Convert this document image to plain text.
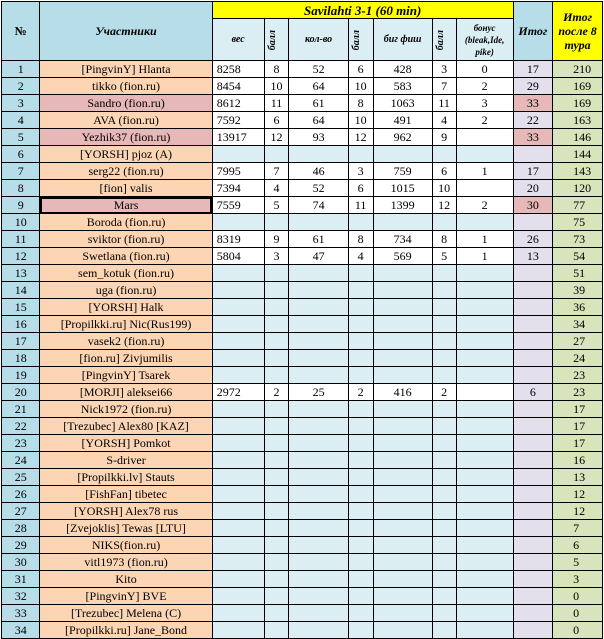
№	Участники	Savilahti 3-1 (60 min)							Итог	Итог после 8 тура
		вес	балл	кол-во	балл	биг фиш	балл	бонус (bleak,Ide, pike)		
1	[PingvinY] Hlanta	8258	8	52	6	428	3	0	17	210
2	tikko (fion.ru)	8454	10	64	10	583	7	2	29	169
3	Sandro (fion.ru)	8612	11	61	8	1063	11	3	33	169
4	AVA (fion.ru)	7592	6	64	10	491	4	2	22	163
5	Yezhik37 (fion.ru)	13917	12	93	12	962	9		33	146
6	[YORSH] pjoz (A)									144
7	serg22 (fion.ru)	7995	7	46	3	759	6	1	17	143
8	[fion] valis	7394	4	52	6	1015	10		20	120
9	Mars	7559	5	74	11	1399	12	2	30	77
10	Boroda (fion.ru)									75
11	sviktor (fion.ru)	8319	9	61	8	734	8	1	26	73
12	Swetlana (fion.ru)	5804	3	47	4	569	5	1	13	54
13	sem_kotuk (fion.ru)									51
14	uga (fion.ru)									39
15	[YORSH] Halk									36
16	[Propilkki.ru] Nic(Rus199)									34
17	vasek2 (fion.ru)									27
18	[fion.ru] Zivjumilis									24
19	[PingvinY] Tsarek									23
20	[MORJI] aleksei66	2972	2	25	2	416	2		6	23
21	Nick1972 (fion.ru)									17
22	[Trezubec] Alex80 [KAZ]									17
23	[YORSH] Pomkot									17
24	S-driver									16
25	[Propilkki.lv] Stauts									13
26	[FishFan] tibetec									12
27	[YORSH] Alex78 rus									12
28	[Zvejoklis] Tewas [LTU]									7
29	NIKS(fion.ru)									6
30	vitl1973 (fion.ru)									5
31	Kito									3
32	[PingvinY] BVE									0
33	[Trezubec] Melena (C)									0
34	[Propilkki.ru] Jane_Bond									0
